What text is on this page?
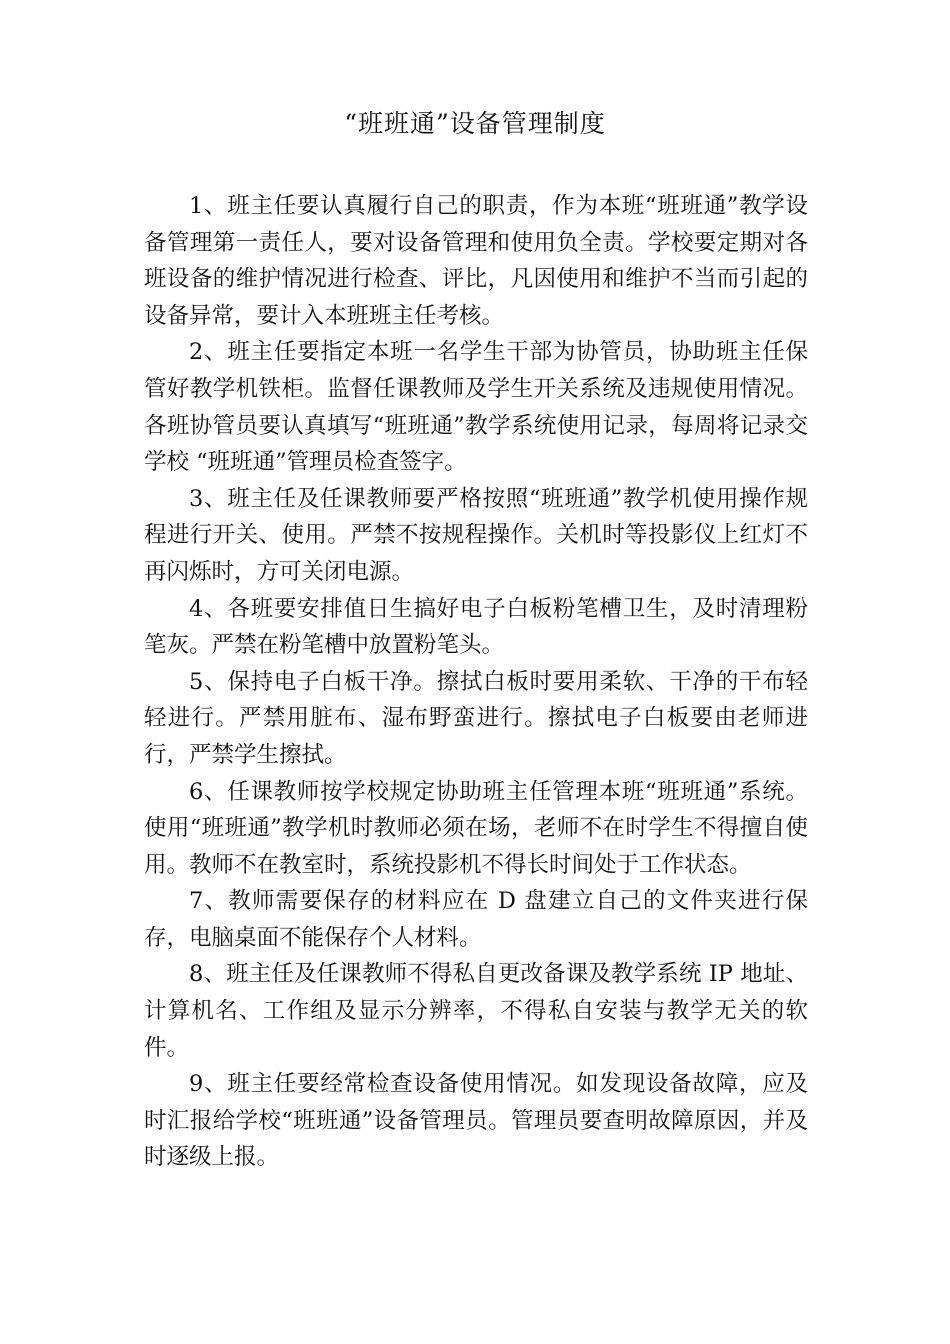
“班班通”设备管理制度

1、班主任要认真履行自己的职责，作为本班“班班通”教学设备管理第一责任人，要对设备管理和使用负全责。学校要定期对各班设备的维护情况进行检查、评比，凡因使用和维护不当而引起的设备异常，要计入本班班主任考核。

2、班主任要指定本班一名学生干部为协管员，协助班主任保管好教学机铁柜。监督任课教师及学生开关系统及违规使用情况。各班协管员要认真填写“班班通”教学系统使用记录，每周将记录交学校 “班班通”管理员检查签字。

3、班主任及任课教师要严格按照“班班通”教学机使用操作规程进行开关、使用。严禁不按规程操作。关机时等投影仪上红灯不再闪烁时，方可关闭电源。

4、各班要安排值日生搞好电子白板粉笔槽卫生，及时清理粉笔灰。严禁在粉笔槽中放置粉笔头。

5、保持电子白板干净。擦拭白板时要用柔软、干净的干布轻轻进行。严禁用脏布、湿布野蛮进行。擦拭电子白板要由老师进行，严禁学生擦拭。

6、任课教师按学校规定协助班主任管理本班“班班通”系统。使用“班班通”教学机时教师必须在场，老师不在时学生不得擅自使用。教师不在教室时，系统投影机不得长时间处于工作状态。

7、教师需要保存的材料应在 D 盘建立自己的文件夹进行保存，电脑桌面不能保存个人材料。

8、班主任及任课教师不得私自更改备课及教学系统 IP 地址、计算机名、工作组及显示分辨率，不得私自安装与教学无关的软件。

9、班主任要经常检查设备使用情况。如发现设备故障，应及时汇报给学校“班班通”设备管理员。管理员要查明故障原因，并及时逐级上报。
